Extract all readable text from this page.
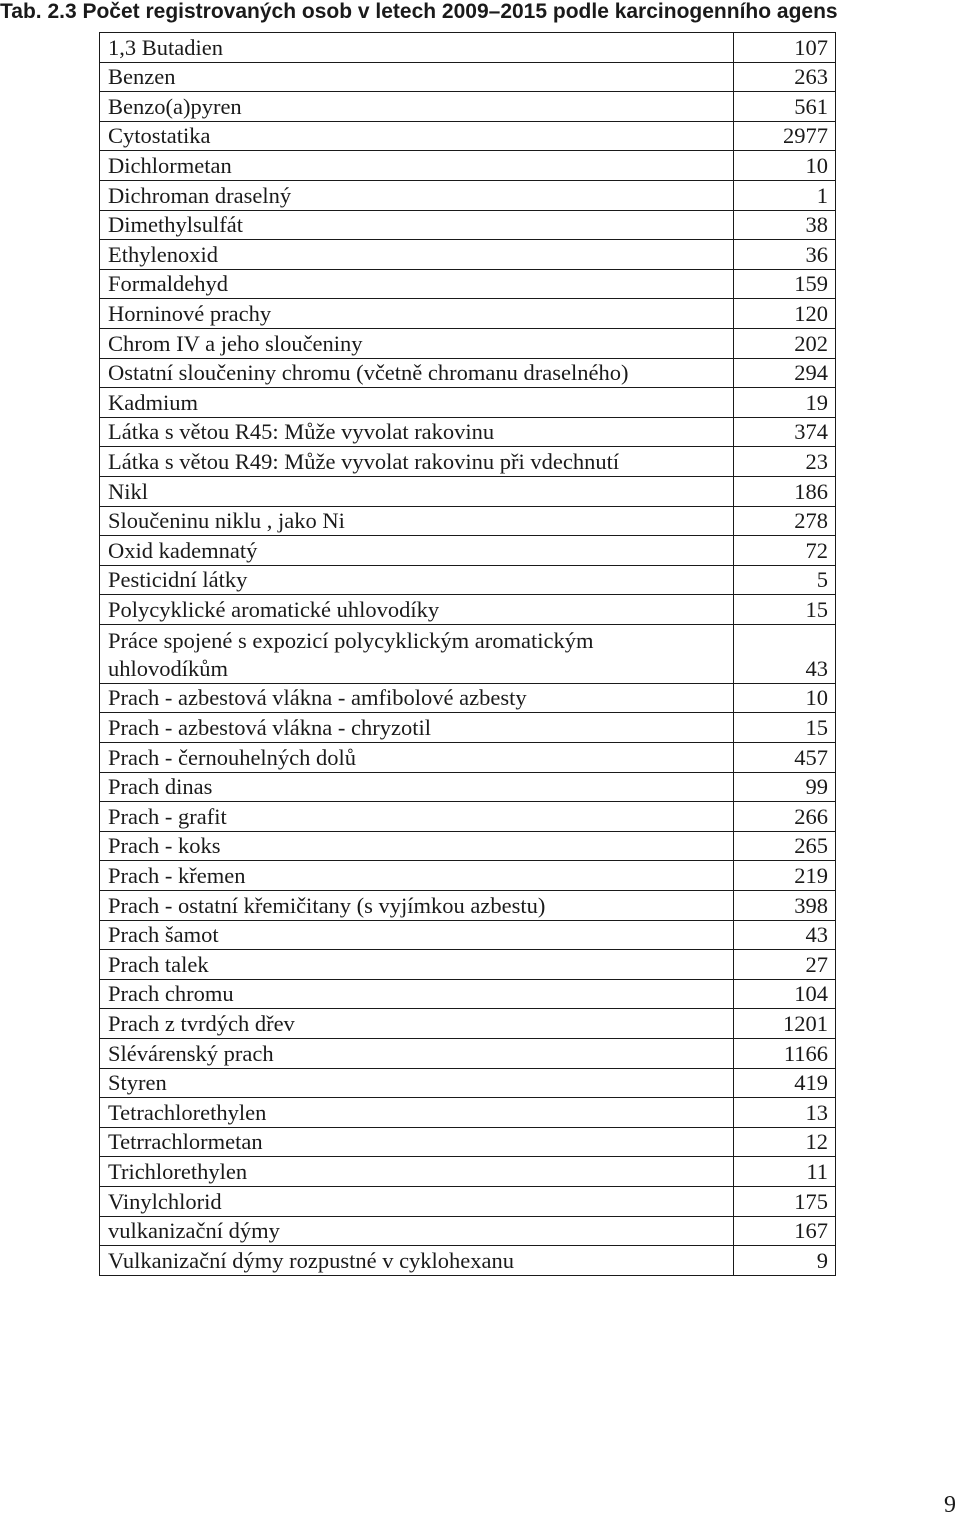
Tab. 2.3 Počet registrovaných osob v letech 2009–2015 podle karcinogenního agens
1,3 Butadien	107
Benzen	263
Benzo(a)pyren	561
Cytostatika	2977
Dichlormetan	10
Dichroman draselný	1
Dimethylsulfát	38
Ethylenoxid	36
Formaldehyd	159
Horninové prachy	120
Chrom IV a jeho sloučeniny	202
Ostatní sloučeniny chromu (včetně chromanu draselného)	294
Kadmium	19
Látka s větou R45: Může vyvolat rakovinu	374
Látka s větou R49: Může vyvolat rakovinu při vdechnutí	23
Nikl	186
Sloučeninu niklu , jako Ni	278
Oxid kademnatý	72
Pesticidní látky	5
Polycyklické aromatické uhlovodíky	15
Práce spojené s expozicí polycyklickým aromatickým uhlovodíkům	43
Prach - azbestová vlákna - amfibolové azbesty	10
Prach - azbestová vlákna - chryzotil	15
Prach - černouhelných dolů	457
Prach dinas	99
Prach - grafit	266
Prach - koks	265
Prach - křemen	219
Prach - ostatní křemičitany (s vyjímkou azbestu)	398
Prach šamot	43
Prach talek	27
Prach chromu	104
Prach z tvrdých dřev	1201
Slévárenský prach	1166
Styren	419
Tetrachlorethylen	13
Tetrrachlormetan	12
Trichlorethylen	11
Vinylchlorid	175
vulkanizační dýmy	167
Vulkanizační dýmy rozpustné v cyklohexanu	9
9
